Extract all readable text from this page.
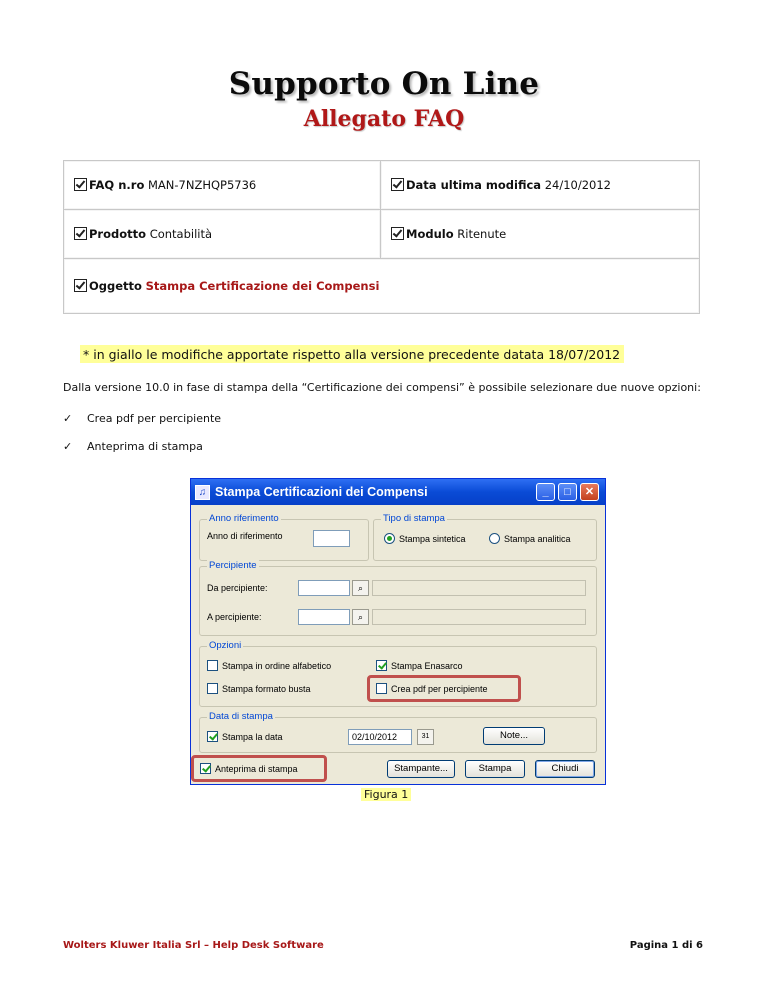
Supporto On Line
Allegato FAQ
FAQ n.ro MAN-7NZHQP5736	Data ultima modifica 24/10/2012
Prodotto Contabilità	Modulo Ritenute
Oggetto Stampa Certificazione dei Compensi	
* in giallo le modifiche apportate rispetto alla versione precedente datata 18/07/2012
Dalla versione 10.0 in fase di stampa della “Certificazione dei compensi” è possibile selezionare due nuove opzioni:
✓ Crea pdf per percipiente
✓ Anteprima di stampa
♫ Stampa Certificazioni dei Compensi	_	□	✕
Anno riferimento
Anno di riferimento
Tipo di stampa
Stampa sintetica	Stampa analitica
Percipiente
Da percipiente:	⌕
A percipiente:	⌕
Opzioni
Stampa in ordine alfabetico	Stampa Enasarco
Stampa formato busta	Crea pdf per percipiente
Data di stampa
Stampa la data	02/10/2012	31	Note...
Anteprima di stampa	Stampante...	Stampa	Chiudi
Figura 1
Wolters Kluwer Italia Srl – Help Desk Software	Pagina 1 di 6
